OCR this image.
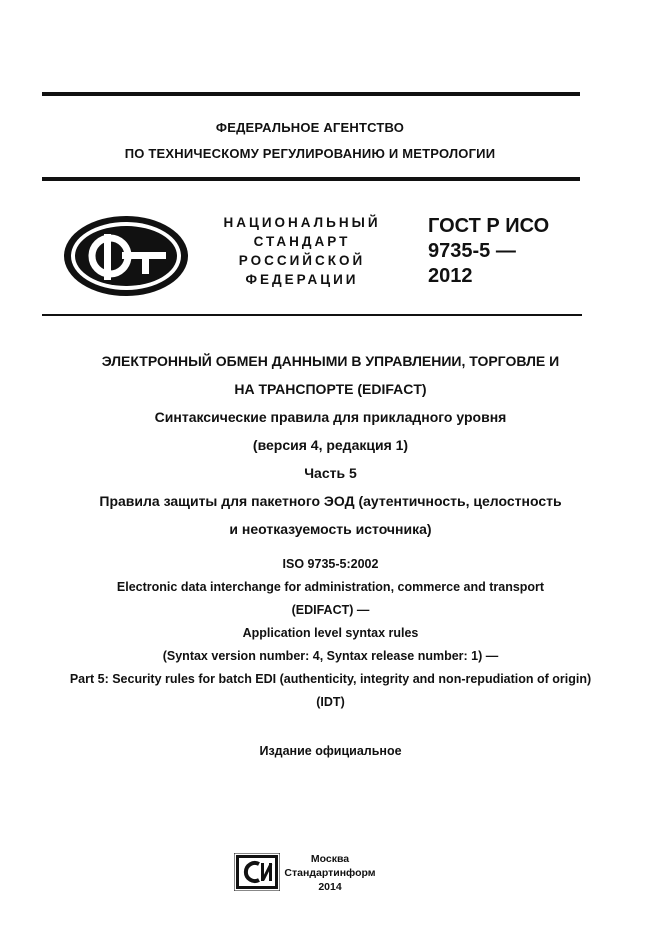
ФЕДЕРАЛЬНОЕ АГЕНТСТВО
ПО ТЕХНИЧЕСКОМУ РЕГУЛИРОВАНИЮ И МЕТРОЛОГИИ
НАЦИОНАЛЬНЫЙ
СТАНДАРТ
РОССИЙСКОЙ
ФЕДЕРАЦИИ
ГОСТ Р ИСО
9735-5 —
2012
ЭЛЕКТРОННЫЙ ОБМЕН ДАННЫМИ В УПРАВЛЕНИИ, ТОРГОВЛЕ И
НА ТРАНСПОРТЕ (EDIFACT)
Синтаксические правила для прикладного уровня
(версия 4, редакция 1)
Часть 5
Правила защиты для пакетного ЭОД (аутентичность, целостность
и неотказуемость источника)
ISO 9735-5:2002
Electronic data interchange for administration, commerce and transport
(EDIFACT) —
Application level syntax rules
(Syntax version number: 4, Syntax release number: 1) —
Part 5: Security rules for batch EDI (authenticity, integrity and non-repudiation of origin)
(IDT)
Издание официальное
Москва
Стандартинформ
2014
